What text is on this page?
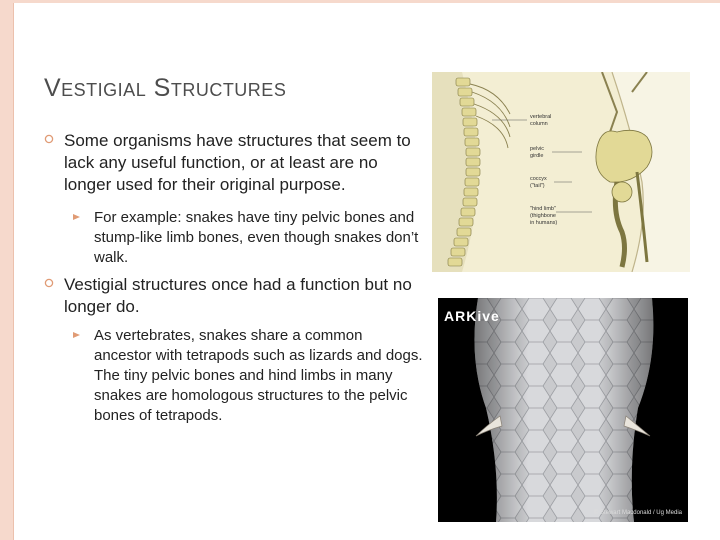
Vestigial Structures
Some organisms have structures that seem to lack any useful function, or at least are no longer used for their original purpose.
For example: snakes have tiny pelvic bones and stump-like limb bones, even though snakes don’t walk.
Vestigial structures once had a function but no longer do.
As vertebrates, snakes share a common ancestor with tetrapods such as lizards and dogs. The tiny pelvic bones and hind limbs in many snakes are homologous structures to the pelvic bones of tetrapods.
vertebral
column
pelvic
girdle
coccyx
("tail")
"hind limb"
(thighbone
in humans)
ARKive
© Stewart Macdonald / Ug Media
